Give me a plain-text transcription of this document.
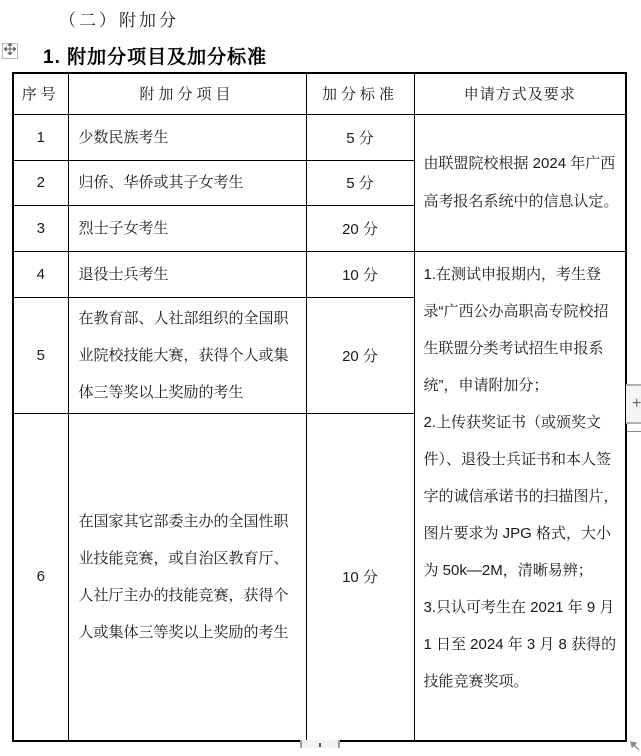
（二）附加分
1. 附加分项目及加分标准
序号	附加分项目	加分标准	申请方式及要求
1	少数民族考生	5 分	由联盟院校根据 2024 年广西高考报名系统中的信息认定。
2	归侨、华侨或其子女考生	5 分	
3	烈士子女考生	20 分	
4	退役士兵考生	10 分	1.在测试申报期内，考生登录“广西公办高职高专院校招生联盟分类考试招生申报系统”，申请附加分；

2.上传获奖证书（或颁奖文件）、退役士兵证书和本人签字的诚信承诺书的扫描图片，图片要求为 JPG 格式，大小为 50k—2M，清晰易辨；

3.只认可考生在 2021 年 9 月 1 日至 2024 年 3 月 8 获得的技能竞赛奖项。

5	在教育部、人社部组织的全国职业院校技能大赛，获得个人或集体三等奖以上奖励的考生	20 分	
6	在国家其它部委主办的全国性职业技能竞赛，或自治区教育厅、人社厅主办的技能竞赛，获得个人或集体三等奖以上奖励的考生	10 分	
+
